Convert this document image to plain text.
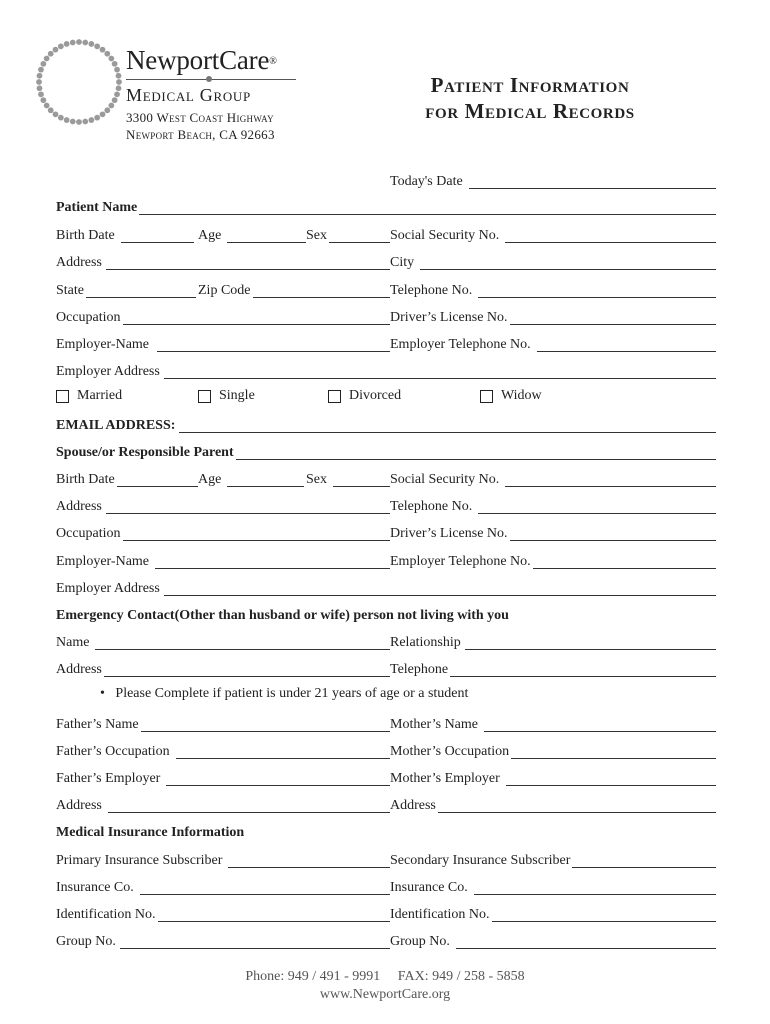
NewportCare®
Medical Group
3300 West Coast Highway
Newport Beach, CA 92663
Patient Information
for Medical Records
Today's Date
Patient Name
Birth Date	Age	Sex	Social Security No.
Address	City
State	Zip Code	Telephone No.
Occupation	Driver’s License No.
Employer-Name	Employer Telephone No.
Employer Address
Married	Single	Divorced	Widow
EMAIL ADDRESS:
Spouse/or Responsible Parent
Birth Date	Age	Sex	Social Security No.
Address	Telephone No.
Occupation	Driver’s License No.
Employer-Name	Employer Telephone No.
Employer Address
Emergency Contact(Other than husband or wife) person not living with you
Name	Relationship
Address	Telephone
• Please Complete if patient is under 21 years of age or a student
Father’s Name	Mother’s Name
Father’s Occupation	Mother’s Occupation
Father’s Employer	Mother’s Employer
Address	Address
Medical Insurance Information
Primary Insurance Subscriber	Secondary Insurance Subscriber
Insurance Co.	Insurance Co.
Identification No.	Identification No.
Group No.	Group No.
Phone: 949 / 491 - 9991     FAX: 949 / 258 - 5858
www.NewportCare.org
